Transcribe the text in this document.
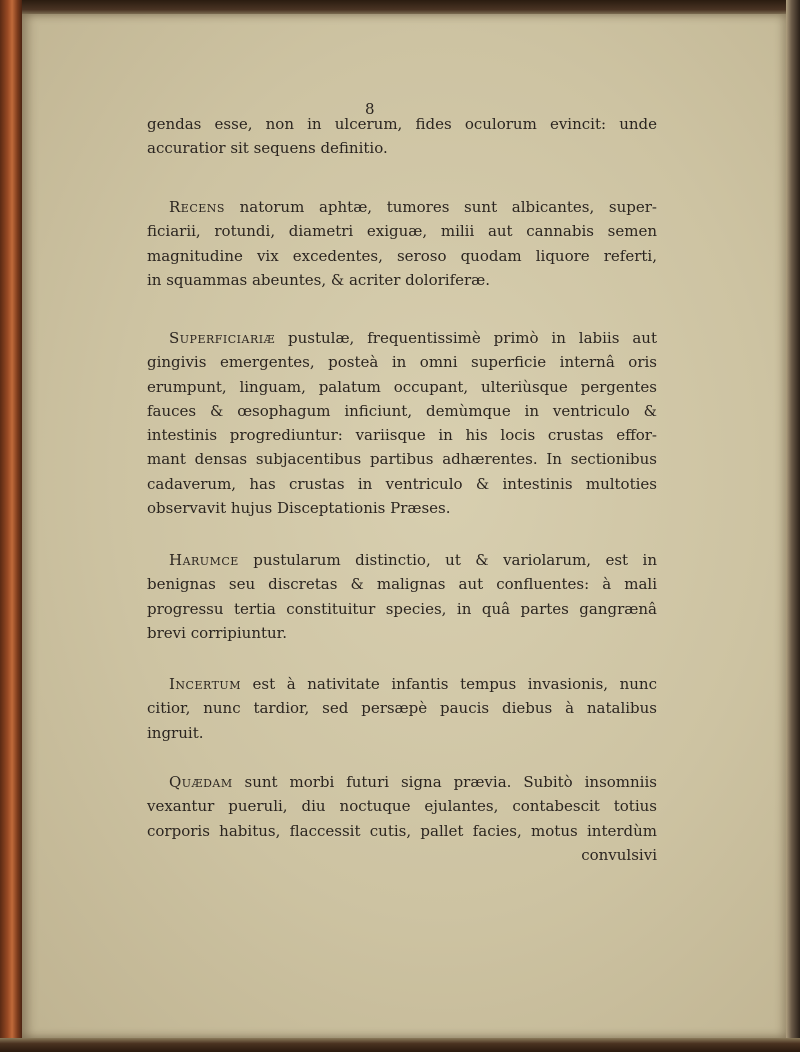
8
gendas esse, non in ulcerum, fides oculorum evincit: unde
accuratior sit sequens definitio.
Recens natorum aphtæ, tumores sunt albicantes, super-
ficiarii, rotundi, diametri exiguæ, milii aut cannabis semen
magnitudine vix excedentes, seroso quodam liquore referti,
in squammas abeuntes, & acriter doloriferæ.
Superficiariæ pustulæ, frequentissimè primò in labiis aut
gingivis emergentes, posteà in omni superficie internâ oris
erumpunt, linguam, palatum occupant, ulteriùsque pergentes
fauces & œsophagum inficiunt, demùmque in ventriculo &
intestinis progrediuntur: variisque in his locis crustas effor-
mant densas subjacentibus partibus adhærentes. In sectionibus
cadaverum, has crustas in ventriculo & intestinis multoties
observavit hujus Disceptationis Præses.
Harumce pustularum distinctio, ut & variolarum, est in
benignas seu discretas & malignas aut confluentes: à mali
progressu tertia constituitur species, in quâ partes gangrænâ
brevi corripiuntur.
Incertum est à nativitate infantis tempus invasionis, nunc
citior, nunc tardior, sed persæpè paucis diebus à natalibus
ingruit.
Quædam sunt morbi futuri signa prævia. Subitò insomniis
vexantur pueruli, diu noctuque ejulantes, contabescit totius
corporis habitus, flaccessit cutis, pallet facies, motus interdùm
convulsivi
